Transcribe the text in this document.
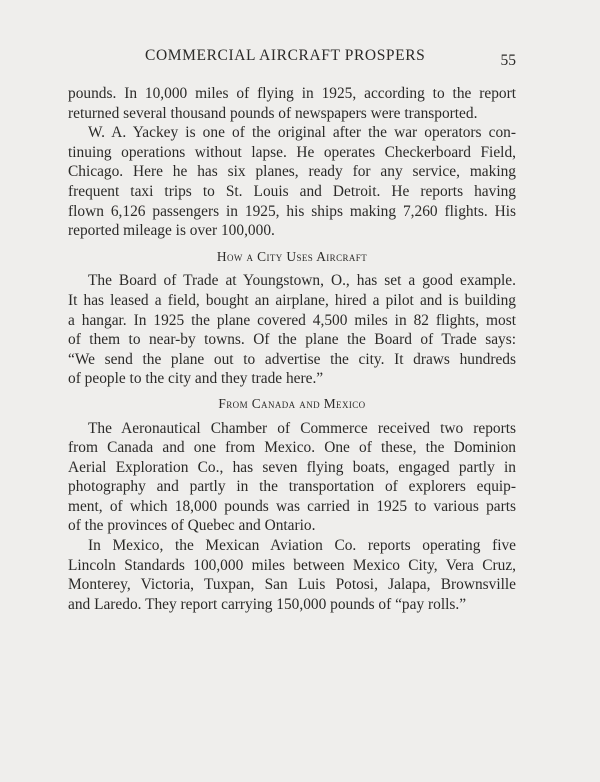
COMMERCIAL AIRCRAFT PROSPERS	55
pounds. In 10,000 miles of flying in 1925, according to the report
returned several thousand pounds of newspapers were transported.
W. A. Yackey is one of the original after the war operators con-
tinuing operations without lapse. He operates Checkerboard Field,
Chicago. Here he has six planes, ready for any service, making
frequent taxi trips to St. Louis and Detroit. He reports having
flown 6,126 passengers in 1925, his ships making 7,260 flights. His
reported mileage is over 100,000.
How a City Uses Aircraft
The Board of Trade at Youngstown, O., has set a good example.
It has leased a field, bought an airplane, hired a pilot and is building
a hangar. In 1925 the plane covered 4,500 miles in 82 flights, most
of them to near-by towns. Of the plane the Board of Trade says:
“We send the plane out to advertise the city. It draws hundreds
of people to the city and they trade here.”
From Canada and Mexico
The Aeronautical Chamber of Commerce received two reports
from Canada and one from Mexico. One of these, the Dominion
Aerial Exploration Co., has seven flying boats, engaged partly in
photography and partly in the transportation of explorers equip-
ment, of which 18,000 pounds was carried in 1925 to various parts
of the provinces of Quebec and Ontario.
In Mexico, the Mexican Aviation Co. reports operating five
Lincoln Standards 100,000 miles between Mexico City, Vera Cruz,
Monterey, Victoria, Tuxpan, San Luis Potosi, Jalapa, Brownsville
and Laredo. They report carrying 150,000 pounds of “pay rolls.”
